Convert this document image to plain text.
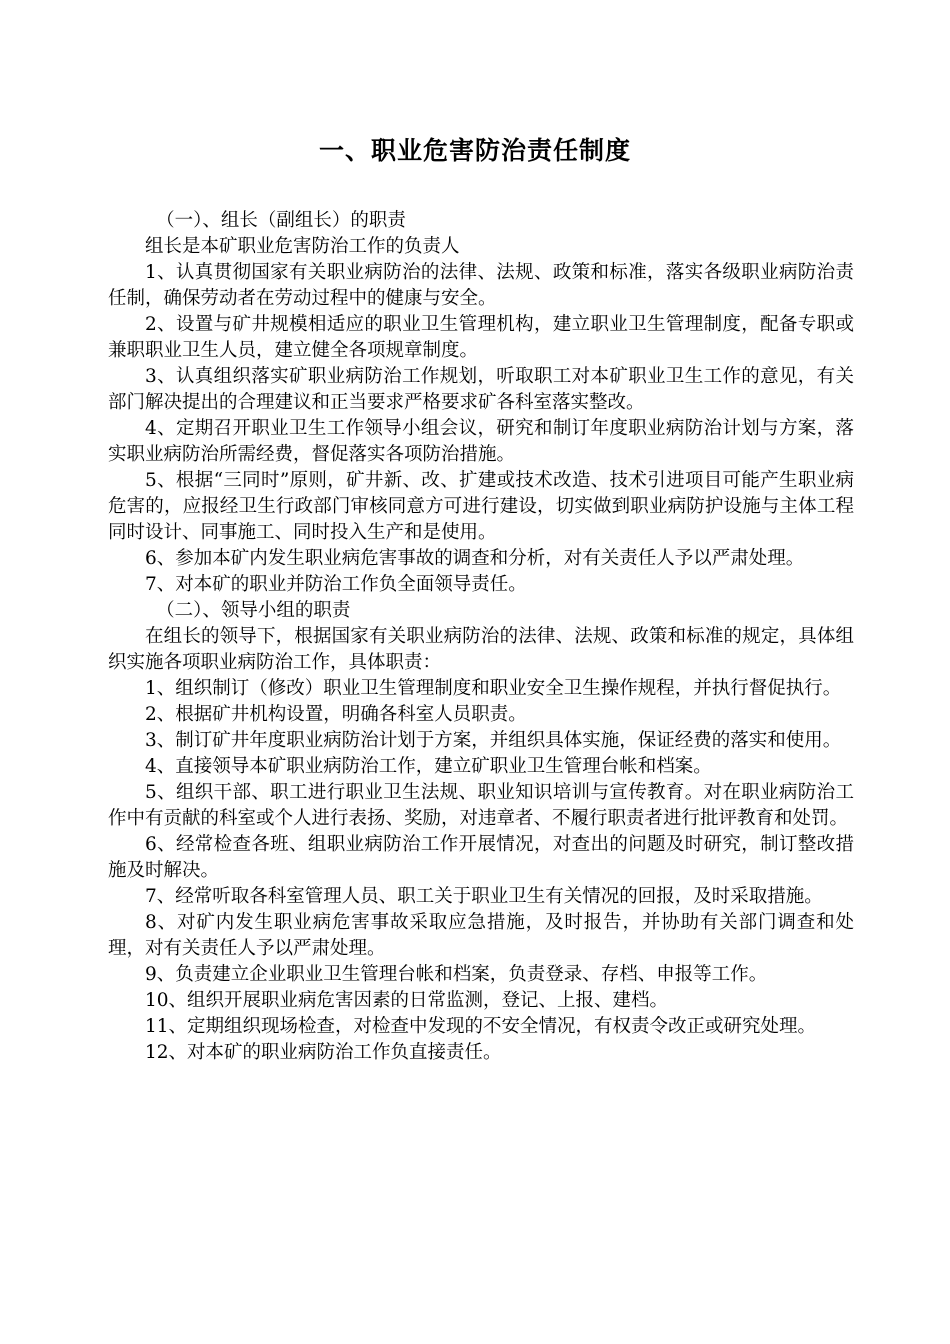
一、职业危害防治责任制度

（一）、组长（副组长）的职责

组长是本矿职业危害防治工作的负责人

1、认真贯彻国家有关职业病防治的法律、法规、政策和标准，落实各级职业病防治责任制，确保劳动者在劳动过程中的健康与安全。

2、设置与矿井规模相适应的职业卫生管理机构，建立职业卫生管理制度，配备专职或兼职职业卫生人员，建立健全各项规章制度。

3、认真组织落实矿职业病防治工作规划，听取职工对本矿职业卫生工作的意见，有关部门解决提出的合理建议和正当要求严格要求矿各科室落实整改。

4、定期召开职业卫生工作领导小组会议，研究和制订年度职业病防治计划与方案，落实职业病防治所需经费，督促落实各项防治措施。

5、根据“三同时”原则，矿井新、改、扩建或技术改造、技术引进项目可能产生职业病危害的，应报经卫生行政部门审核同意方可进行建设，切实做到职业病防护设施与主体工程同时设计、同事施工、同时投入生产和是使用。

6、参加本矿内发生职业病危害事故的调查和分析，对有关责任人予以严肃处理。

7、对本矿的职业并防治工作负全面领导责任。

（二）、领导小组的职责

在组长的领导下，根据国家有关职业病防治的法律、法规、政策和标准的规定，具体组织实施各项职业病防治工作，具体职责：

1、组织制订（修改）职业卫生管理制度和职业安全卫生操作规程，并执行督促执行。

2、根据矿井机构设置，明确各科室人员职责。

3、制订矿井年度职业病防治计划于方案，并组织具体实施，保证经费的落实和使用。

4、直接领导本矿职业病防治工作，建立矿职业卫生管理台帐和档案。

5、组织干部、职工进行职业卫生法规、职业知识培训与宣传教育。对在职业病防治工作中有贡献的科室或个人进行表扬、奖励，对违章者、不履行职责者进行批评教育和处罚。

6、经常检查各班、组职业病防治工作开展情况，对查出的问题及时研究，制订整改措施及时解决。

7、经常听取各科室管理人员、职工关于职业卫生有关情况的回报，及时采取措施。

8、对矿内发生职业病危害事故采取应急措施，及时报告，并协助有关部门调查和处理，对有关责任人予以严肃处理。

9、负责建立企业职业卫生管理台帐和档案，负责登录、存档、申报等工作。

10、组织开展职业病危害因素的日常监测，登记、上报、建档。

11、定期组织现场检查，对检查中发现的不安全情况，有权责令改正或研究处理。

12、对本矿的职业病防治工作负直接责任。
